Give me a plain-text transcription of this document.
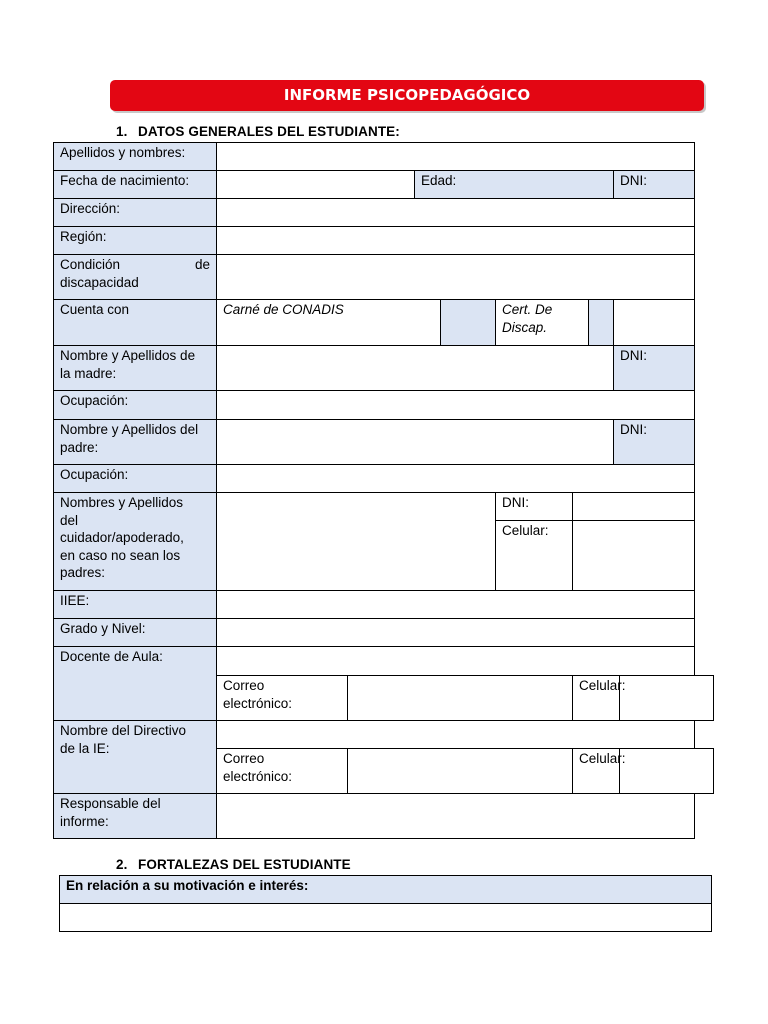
INFORME PSICOPEDAGÓGICO
1. DATOS GENERALES DEL ESTUDIANTE:
Apellidos y nombres:									
Fecha de nacimiento:			Edad:					DNI:	
Dirección:									
Región:									

Condición de
discapacidad									

Cuenta con	Carné de CONADIS				Cert. De
Discap.				

Nombre y Apellidos de
la madre:								DNI:	
Ocupación:									

Nombre y Apellidos del
padre:								DNI:	
Ocupación:									

Nombres y Apellidos
del
cuidador/apoderado,
en caso no sean los
padres:					DNI:				
					Celular:				
IIEE:									
Grado y Nivel:									
Docente de Aula:									

	Correo
electrónico:					Celular:			

Nombre del Directivo
de la IE:									

	Correo
electrónico:					Celular:			

Responsable del
informe:									

2. FORTALEZAS DEL ESTUDIANTE
En relación a su motivación e interés:
